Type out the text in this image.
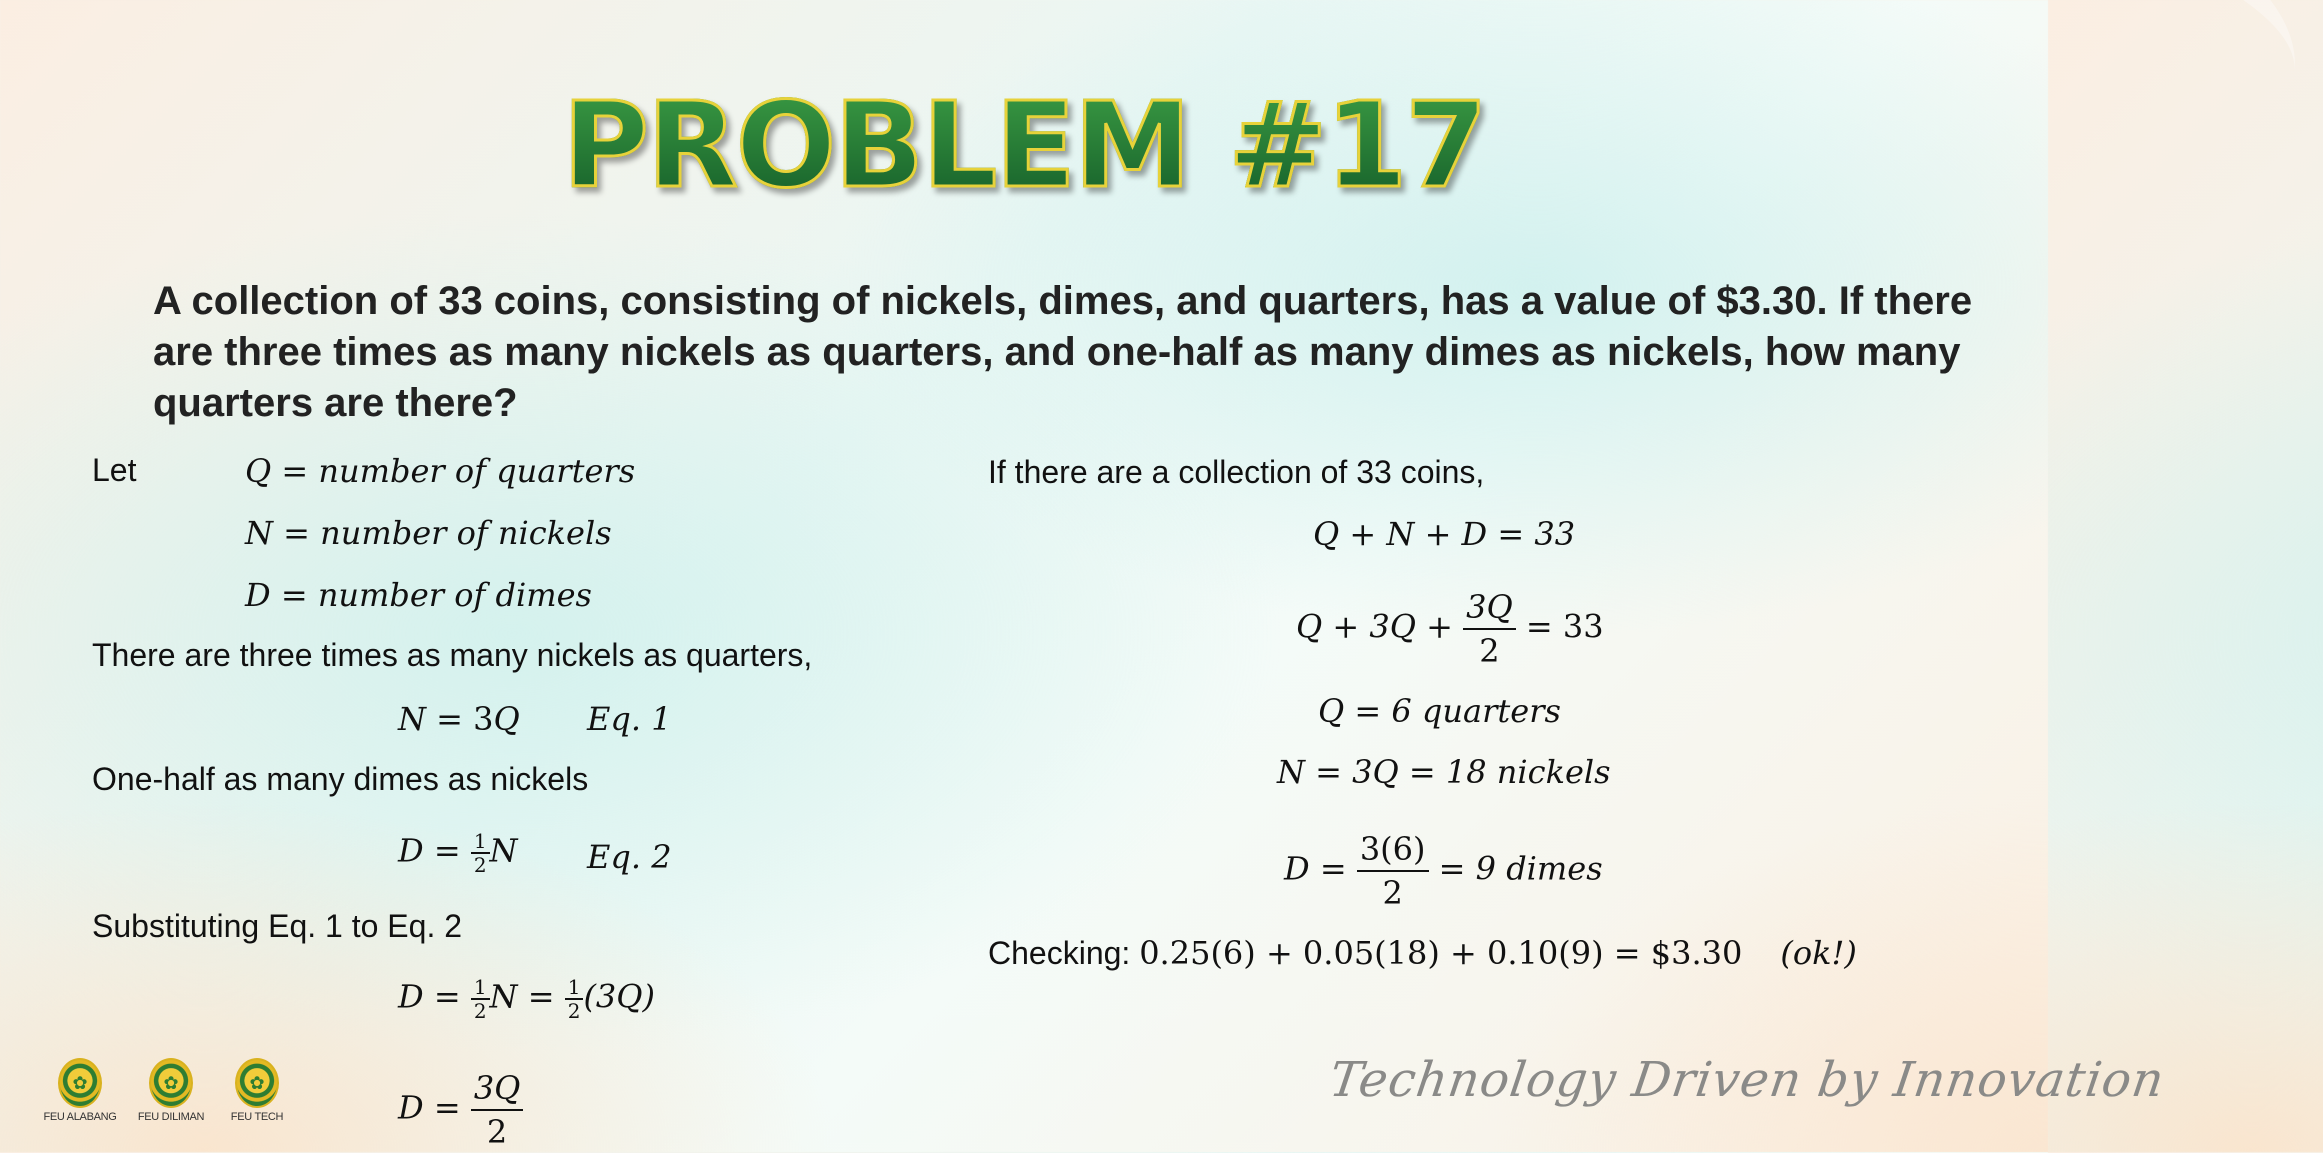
PROBLEM #17
A collection of 33 coins, consisting of nickels, dimes, and quarters, has a value of $3.30. If there are three times as many nickels as quarters, and one-half as many dimes as nickels, how many quarters are there?
Let	Q = number of quarters
N = number of nickels
D = number of dimes
There are three times as many nickels as quarters,
N = 3Q Eq. 1
One-half as many dimes as nickels
$D = \frac{1}{2}$ N Eq. 2
Substituting Eq. 1 to Eq. 2
$D = \frac{1}{2}$ $N = \frac{1}{2} (3Q)$
$D = \frac{3Q}{2}$
If there are a collection of 33 coins,
Q + N + D = 33
$Q + 3Q + \frac{3Q}{2} = 33$
Q = 6 quarters
N = 3Q = 18 nickels
$D = \frac{3(6)}{2} = 9$ dimes
Checking: 0.25(6) + 0.05(18) + 0.10(9) = $3.30 (ok!)
✿
FEU ALABANG
✿
FEU DILIMAN
✿
FEU TECH
Technology Driven by Innovation
